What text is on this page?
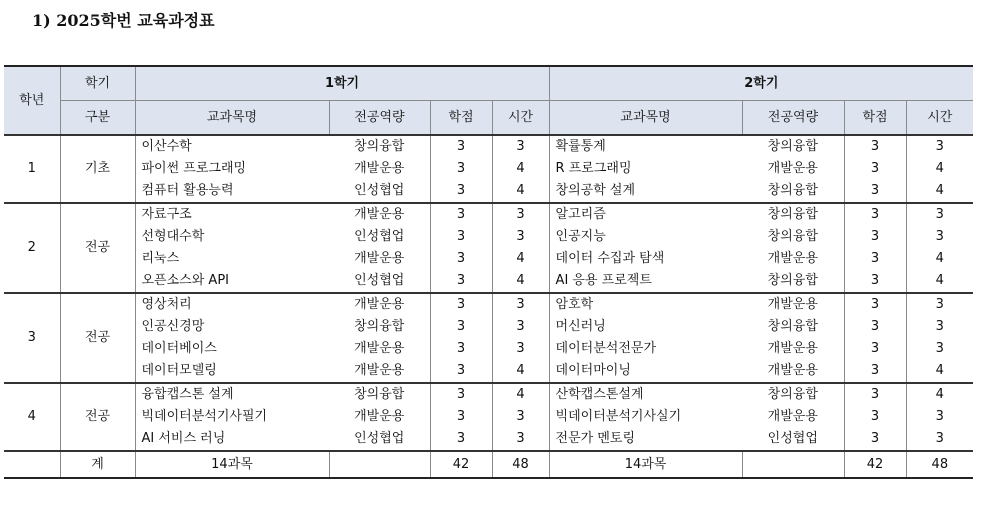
1) 2025학번 교육과정표
학년	학기	1학기				2학기			
	구분	교과목명	전공역량	학점	시간	교과목명	전공역량	학점	시간
1	기초	이산수학	창의융합	3	3	확률통계	창의융합	3	3
		파이썬 프로그래밍	개발운용	3	4	R 프로그래밍	개발운용	3	4
		컴퓨터 활용능력	인성협업	3	4	창의공학 설계	창의융합	3	4
2	전공	자료구조	개발운용	3	3	알고리즘	창의융합	3	3
		선형대수학	인성협업	3	3	인공지능	창의융합	3	3
		리눅스	개발운용	3	4	데이터 수집과 탐색	개발운용	3	4
		오픈소스와 API	인성협업	3	4	AI 응용 프로젝트	창의융합	3	4
3	전공	영상처리	개발운용	3	3	암호학	개발운용	3	3
		인공신경망	창의융합	3	3	머신러닝	창의융합	3	3
		데이터베이스	개발운용	3	3	데이터분석전문가	개발운용	3	3
		데이터모델링	개발운용	3	4	데이터마이닝	개발운용	3	4
4	전공	융합캡스톤 설계	창의융합	3	4	산학캡스톤설계	창의융합	3	4
		빅데이터분석기사필기	개발운용	3	3	빅데이터분석기사실기	개발운용	3	3
		AI 서비스 러닝	인성협업	3	3	전문가 멘토링	인성협업	3	3
	계	14과목		42	48	14과목		42	48
